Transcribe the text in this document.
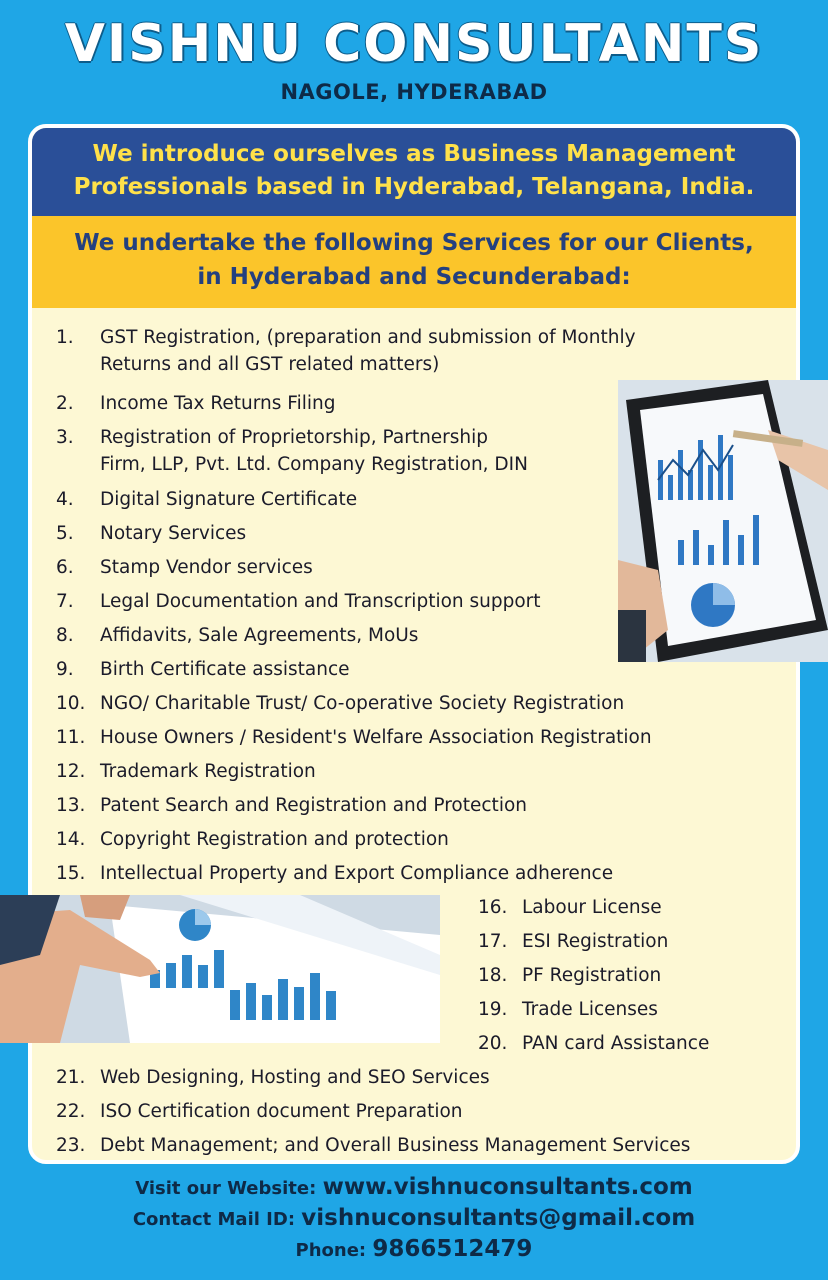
VISHNU CONSULTANTS
NAGOLE, HYDERABAD
We introduce ourselves as Business Management
Professionals based in Hyderabad, Telangana, India.
We undertake the following Services for our Clients,
in Hyderabad and Secunderabad:
1. GST Registration, (preparation and submission of Monthly
Returns and all GST related matters)
2. Income Tax Returns Filing
3. Registration of Proprietorship, Partnership
Firm, LLP, Pvt. Ltd. Company Registration, DIN
4. Digital Signature Certificate
5. Notary Services
6. Stamp Vendor services
7. Legal Documentation and Transcription support
8. Affidavits, Sale Agreements, MoUs
9. Birth Certificate assistance
10. NGO/ Charitable Trust/ Co-operative Society Registration
11. House Owners / Resident's Welfare Association Registration
12. Trademark Registration
13. Patent Search and Registration and Protection
14. Copyright Registration and protection
15. Intellectual Property and Export Compliance adherence
16. Labour License
17. ESI Registration
18. PF Registration
19. Trade Licenses
20. PAN card Assistance
21. Web Designing, Hosting and SEO Services
22. ISO Certification document Preparation
23. Debt Management; and Overall Business Management Services
Visit our Website: www.vishnuconsultants.com
Contact Mail ID: vishnuconsultants@gmail.com
Phone: 9866512479
